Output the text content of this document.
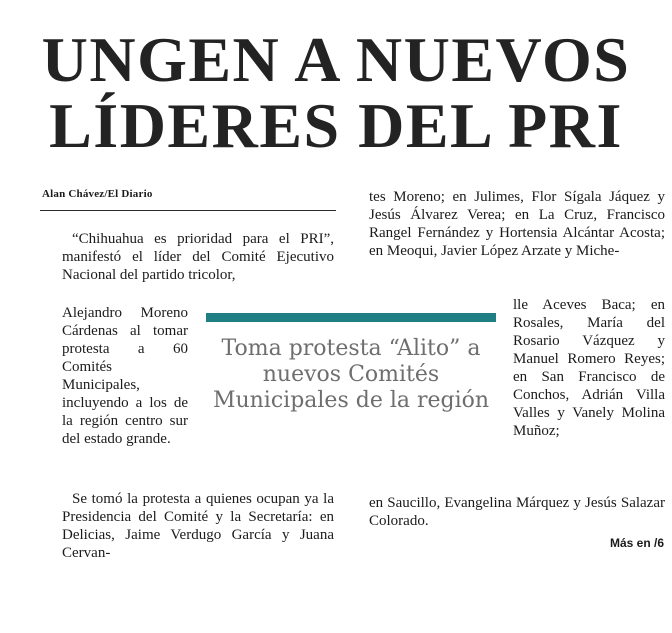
UNGEN A NUEVOS
LÍDERES DEL PRI
Alan Chávez/El Diario

“Chihuahua es prioridad para el PRI”, manifestó el líder del Comité Ejecutivo Nacional del partido tricolor,

Alejandro Moreno Cárdenas al tomar protesta a 60 Comités Municipales, incluyendo a los de la región centro sur del estado grande.

Se tomó la protesta a quienes ocupan ya la Presidencia del Comité y la Secretaría: en Delicias, Jaime Verdugo García y Juana Cervan-

tes Moreno; en Julimes, Flor Sígala Jáquez y Jesús Álvarez Verea; en La Cruz, Francisco Rangel Fernández y Hortensia Alcántar Acosta; en Meoqui, Javier López Arzate y Miche-

lle Aceves Baca; en Rosales, María del Rosario Vázquez y Manuel Romero Reyes; en San Francisco de Conchos, Adrián Villa Valles y Vanely Molina Muñoz;

en Saucillo, Evangelina Márquez y Jesús Salazar Colorado.

Toma protesta “Alito” a nuevos Comités Municipales de la región
Más en /6
